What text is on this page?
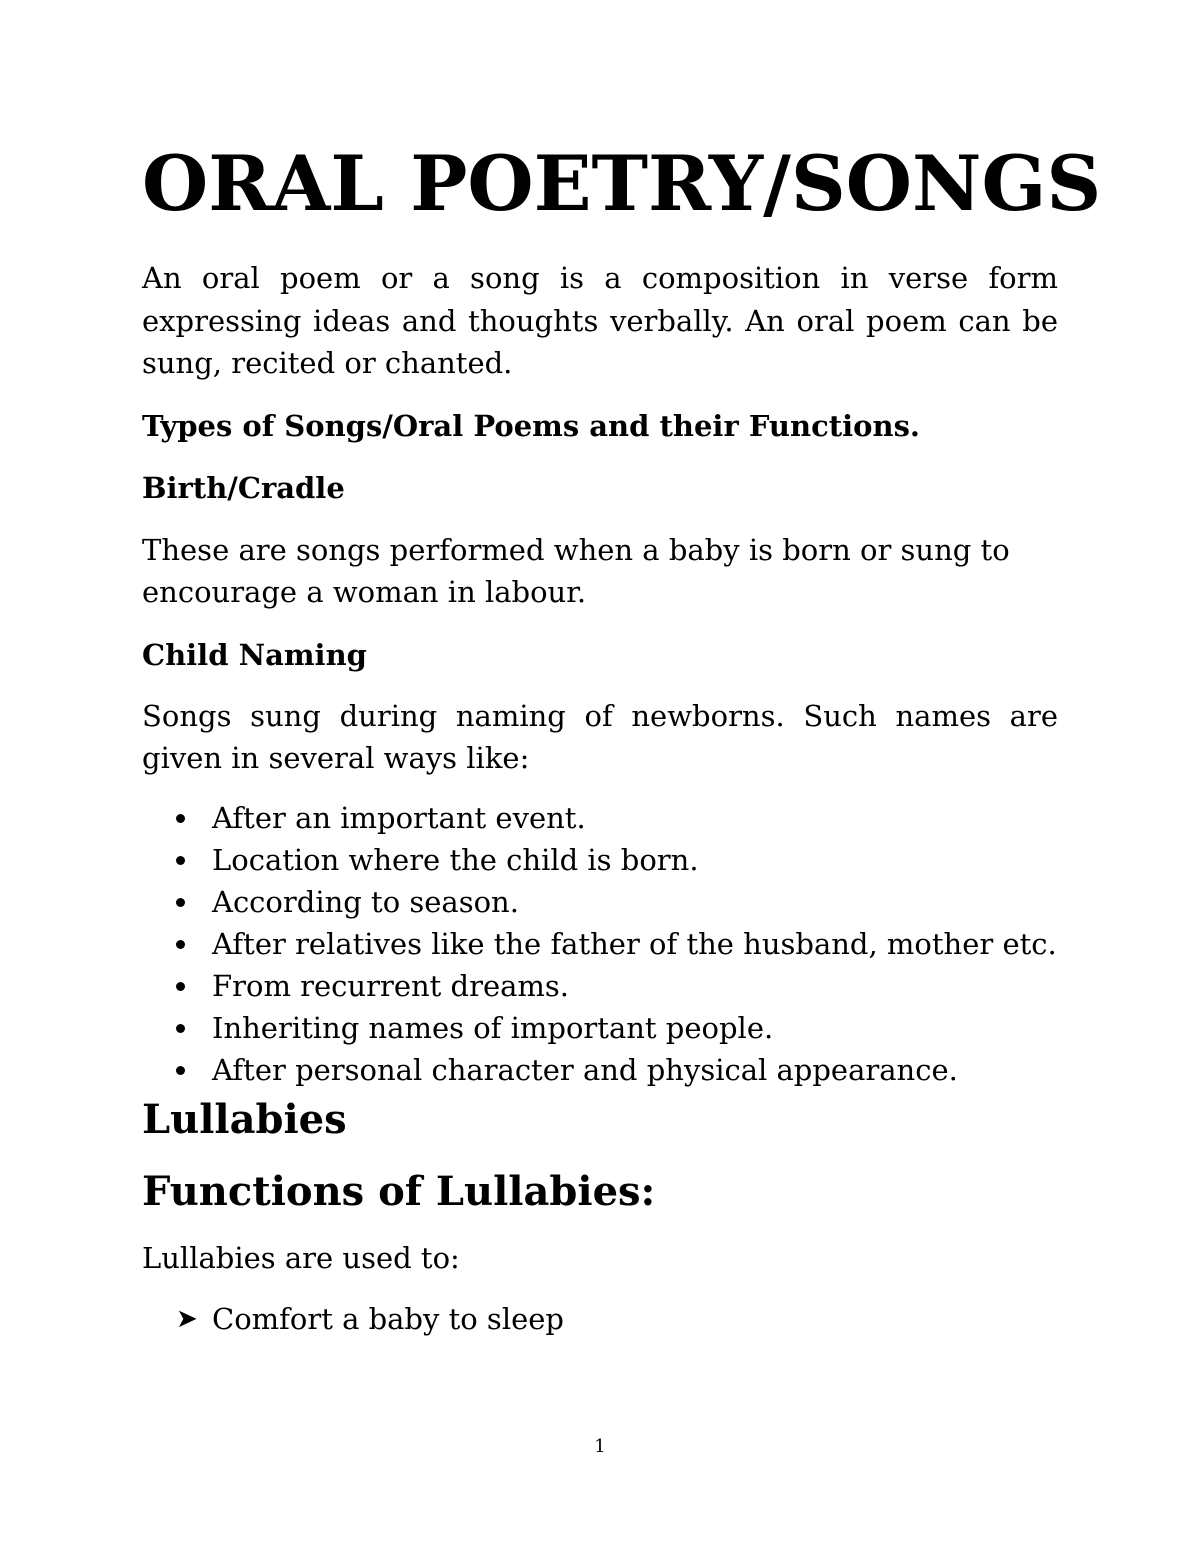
ORAL POETRY/SONGS

An oral poem or a song is a composition in verse form expressing ideas and thoughts verbally. An oral poem can be sung, recited or chanted.

Types of Songs/Oral Poems and their Functions.

Birth/Cradle

These are songs performed when a baby is born or sung to encourage a woman in labour.

Child Naming

Songs sung during naming of newborns. Such names are given in several ways like:

After an important event.
Location where the child is born.
According to season.
After relatives like the father of the husband, mother etc.
From recurrent dreams.
Inheriting names of important people.
After personal character and physical appearance.

Lullabies

Functions of Lullabies:

Lullabies are used to:

➤ Comfort a baby to sleep

1
